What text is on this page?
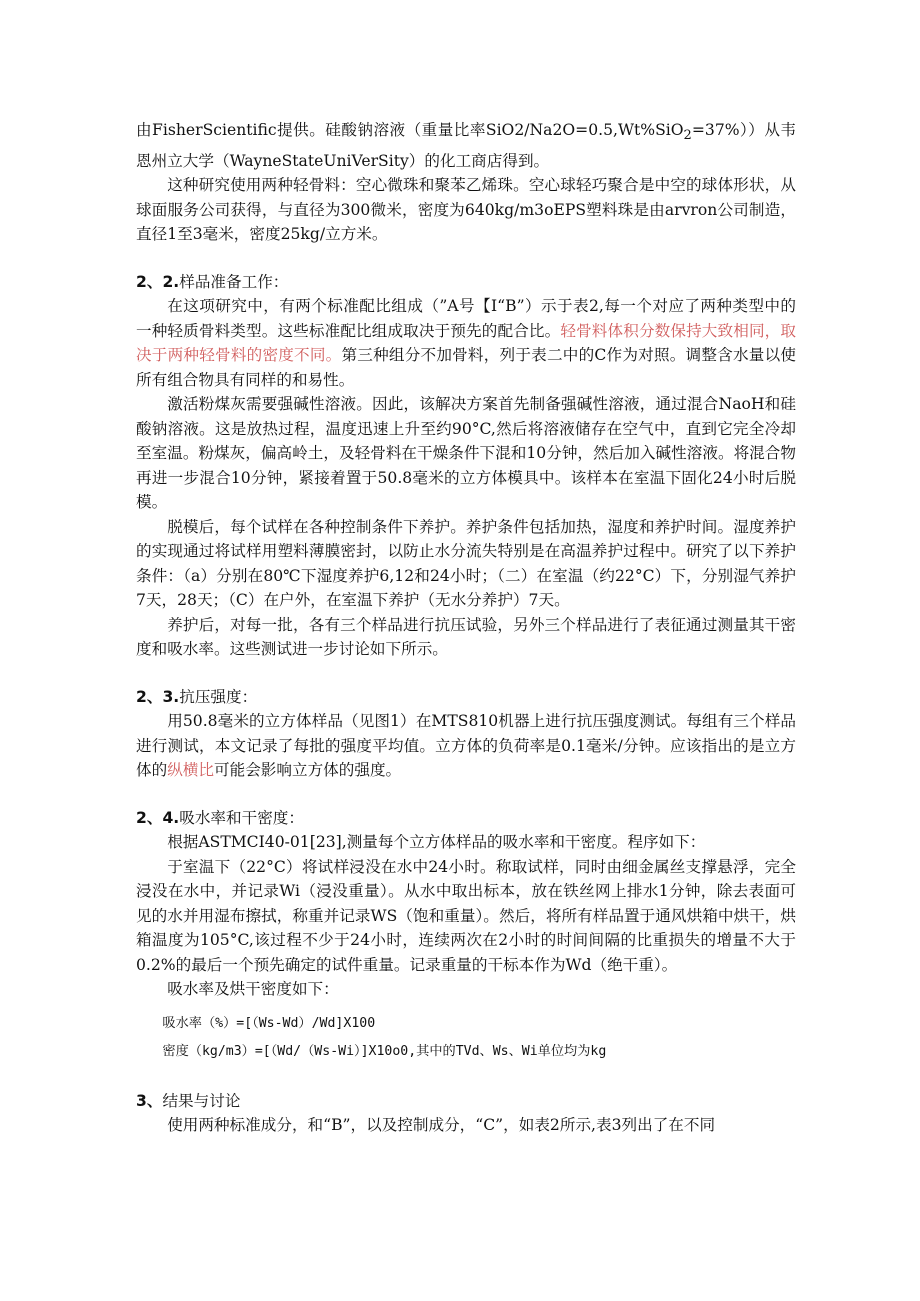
由FisherScientific提供。硅酸钠溶液（重量比率SiO2/Na2O=0.5,Wt%SiO$_2$=37%））从韦恩州立大学（WayneStateUniVerSity）的化工商店得到。

这种研究使用两种轻骨料：空心微珠和聚苯乙烯珠。空心球轻巧聚合是中空的球体形状，从球面服务公司获得，与直径为300微米，密度为640kg/m3oEPS塑料珠是由arvron公司制造，直径1至3毫米，密度25kg/立方米。

2、2.样品准备工作：

在这项研究中，有两个标准配比组成（”A号【I“B”）示于表2,每一个对应了两种类型中的一种轻质骨料类型。这些标准配比组成取决于预先的配合比。轻骨料体积分数保持大致相同，取决于两种轻骨料的密度不同。第三种组分不加骨料，列于表二中的C作为对照。调整含水量以使所有组合物具有同样的和易性。

激活粉煤灰需要强碱性溶液。因此，该解决方案首先制备强碱性溶液，通过混合NaoH和硅酸钠溶液。这是放热过程，温度迅速上升至约90°C,然后将溶液储存在空气中，直到它完全冷却至室温。粉煤灰，偏高岭土，及轻骨料在干燥条件下混和10分钟，然后加入碱性溶液。将混合物再进一步混合10分钟，紧接着置于50.8毫米的立方体模具中。该样本在室温下固化24小时后脱模。

脱模后，每个试样在各种控制条件下养护。养护条件包括加热，湿度和养护时间。湿度养护的实现通过将试样用塑料薄膜密封，以防止水分流失特别是在高温养护过程中。研究了以下养护条件：（a）分别在80℃下湿度养护6,12和24小时；（二）在室温（约22°C）下，分别湿气养护7天，28天；（C）在户外，在室温下养护（无水分养护）7天。

养护后，对每一批，各有三个样品进行抗压试验，另外三个样品进行了表征通过测量其干密度和吸水率。这些测试进一步讨论如下所示。

2、3.抗压强度：

用50.8毫米的立方体样品（见图1）在MTS810机器上进行抗压强度测试。每组有三个样品进行测试，本文记录了每批的强度平均值。立方体的负荷率是0.1毫米/分钟。应该指出的是立方体的纵横比可能会影响立方体的强度。

2、4.吸水率和干密度：

根据ASTMCI40-01[23],测量每个立方体样品的吸水率和干密度。程序如下：

于室温下（22°C）将试样浸没在水中24小时。称取试样，同时由细金属丝支撑悬浮，完全浸没在水中，并记录Wi（浸没重量）。从水中取出标本，放在铁丝网上排水1分钟，除去表面可见的水并用湿布擦拭，称重并记录WS（饱和重量）。然后，将所有样品置于通风烘箱中烘干，烘箱温度为105°C,该过程不少于24小时，连续两次在2小时的时间间隔的比重损失的增量不大于0.2%的最后一个预先确定的试件重量。记录重量的干标本作为Wd（绝干重）。

吸水率及烘干密度如下：

吸水率（%）=[（Ws-Wd）/Wd]X100

密度（kg/m3）=[（Wd/（Ws-Wi）]X10o0,其中的TVd、Ws、Wi单位均为kg

3、结果与讨论

使用两种标准成分，和“B”，以及控制成分，“C”，如表2所示,表3列出了在不同
